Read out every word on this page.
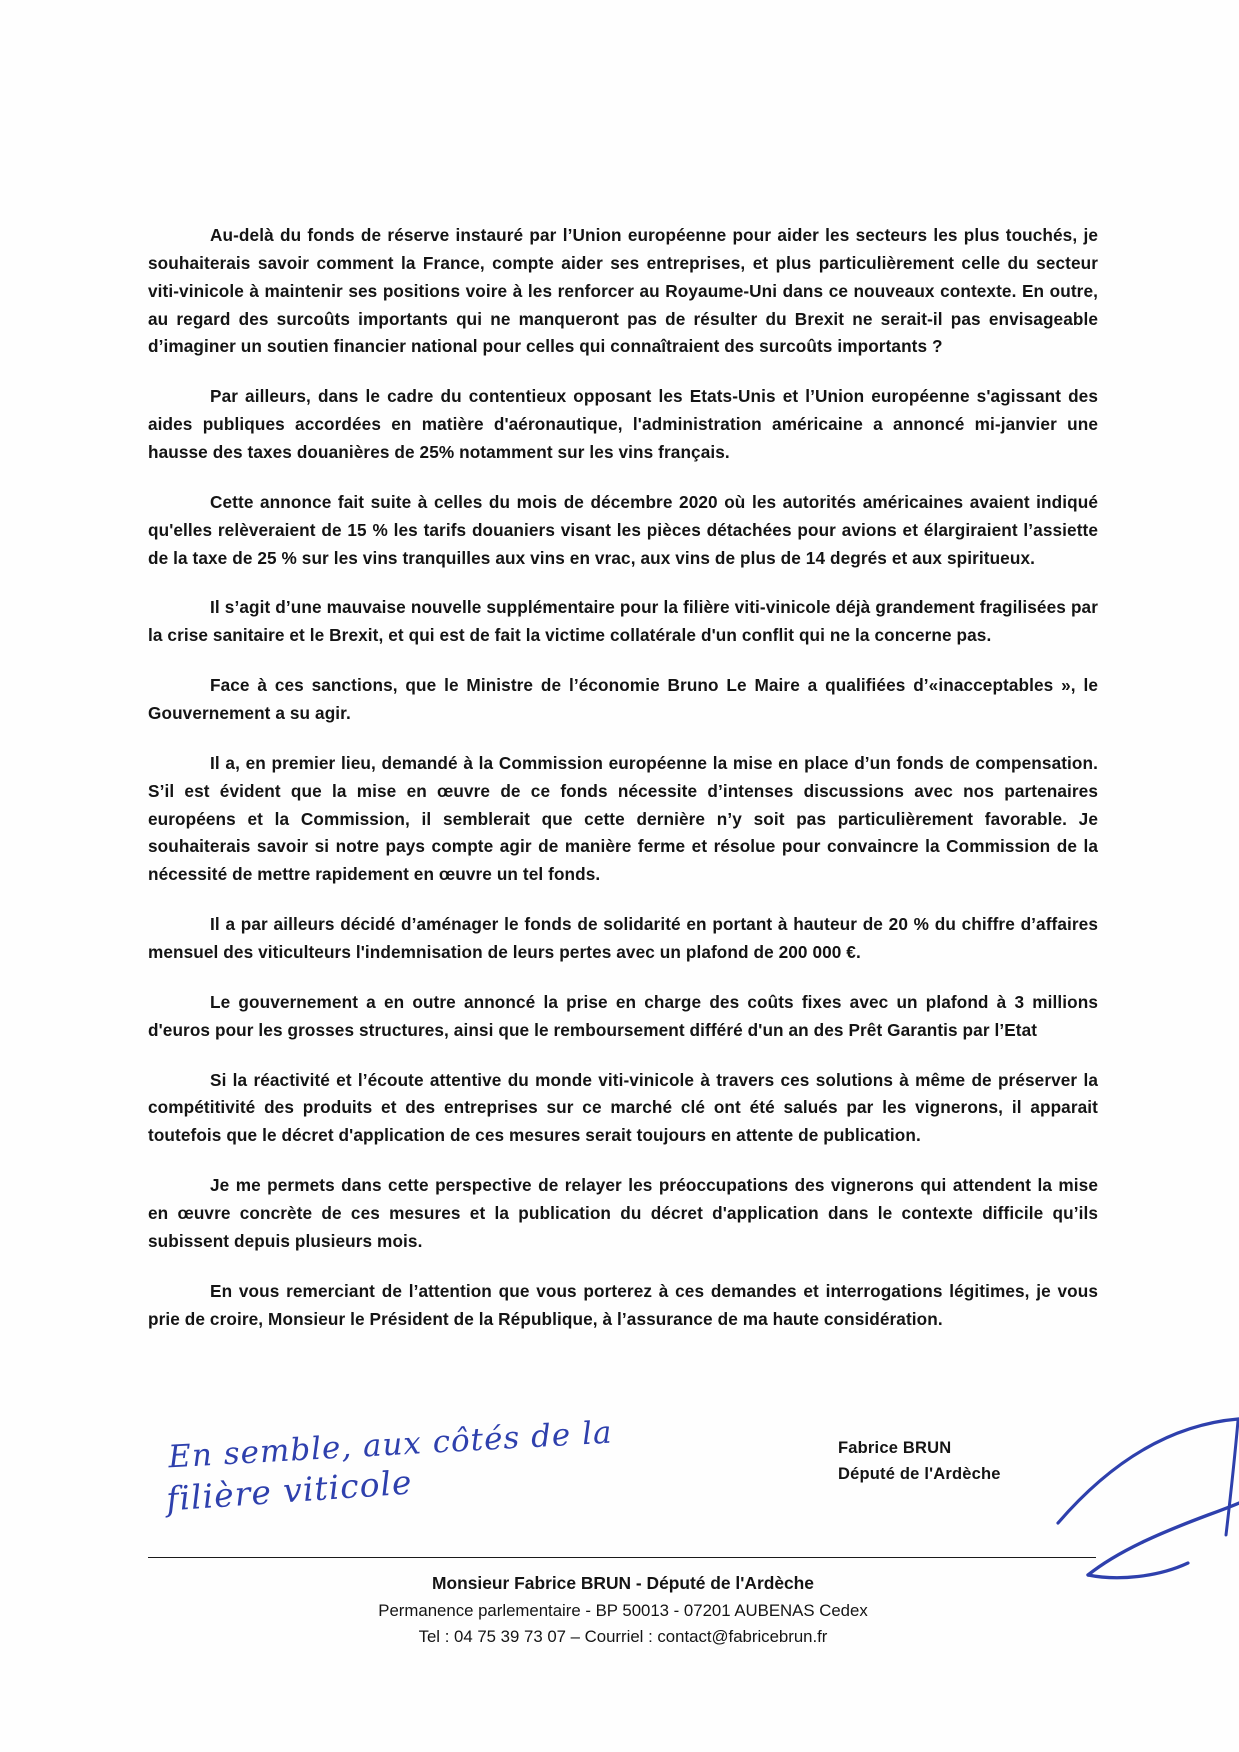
Au-delà du fonds de réserve instauré par l’Union européenne pour aider les secteurs les plus touchés, je souhaiterais savoir comment la France, compte aider ses entreprises, et plus particulièrement celle du secteur viti-vinicole à maintenir ses positions voire à les renforcer au Royaume-Uni dans ce nouveaux contexte. En outre, au regard des surcoûts importants qui ne manqueront pas de résulter du Brexit ne serait-il pas envisageable d’imaginer un soutien financier national pour celles qui connaîtraient des surcoûts importants ?

Par ailleurs, dans le cadre du contentieux opposant les Etats-Unis et l’Union européenne s'agissant des aides publiques accordées en matière d'aéronautique, l'administration américaine a annoncé mi-janvier une hausse des taxes douanières de 25% notamment sur les vins français.

Cette annonce fait suite à celles du mois de décembre 2020 où les autorités américaines avaient indiqué qu'elles relèveraient de 15 % les tarifs douaniers visant les pièces détachées pour avions et élargiraient l’assiette de la taxe de 25 % sur les vins tranquilles aux vins en vrac, aux vins de plus de 14 degrés et aux spiritueux.

Il s’agit d’une mauvaise nouvelle supplémentaire pour la filière viti-vinicole déjà grandement fragilisées par la crise sanitaire et le Brexit, et qui est de fait la victime collatérale d'un conflit qui ne la concerne pas.

Face à ces sanctions, que le Ministre de l’économie Bruno Le Maire a qualifiées d’«inacceptables », le Gouvernement a su agir.

Il a, en premier lieu, demandé à la Commission européenne la mise en place d’un fonds de compensation. S’il est évident que la mise en œuvre de ce fonds nécessite d’intenses discussions avec nos partenaires européens et la Commission, il semblerait que cette dernière n’y soit pas particulièrement favorable. Je souhaiterais savoir si notre pays compte agir de manière ferme et résolue pour convaincre la Commission de la nécessité de mettre rapidement en œuvre un tel fonds.

Il a par ailleurs décidé d’aménager le fonds de solidarité en portant à hauteur de 20 % du chiffre d’affaires mensuel des viticulteurs l'indemnisation de leurs pertes avec un plafond de 200 000 €.

Le gouvernement a en outre annoncé la prise en charge des coûts fixes avec un plafond à 3 millions d'euros pour les grosses structures, ainsi que le remboursement différé d'un an des Prêt Garantis par l’Etat

Si la réactivité et l’écoute attentive du monde viti-vinicole à travers ces solutions à même de préserver la compétitivité des produits et des entreprises sur ce marché clé ont été salués par les vignerons, il apparait toutefois que le décret d'application de ces mesures serait toujours en attente de publication.

Je me permets dans cette perspective de relayer les préoccupations des vignerons qui attendent la mise en œuvre concrète de ces mesures et la publication du décret d'application dans le contexte difficile qu’ils subissent depuis plusieurs mois.

En vous remerciant de l’attention que vous porterez à ces demandes et interrogations légitimes, je vous prie de croire, Monsieur le Président de la République, à l’assurance de ma haute considération.

En semble, aux côtés de la
filière viticole
Fabrice BRUN
Député de l'Ardèche
Monsieur Fabrice BRUN - Député de l'Ardèche
Permanence parlementaire - BP 50013 - 07201 AUBENAS Cedex
Tel : 04 75 39 73 07 – Courriel : contact@fabricebrun.fr
